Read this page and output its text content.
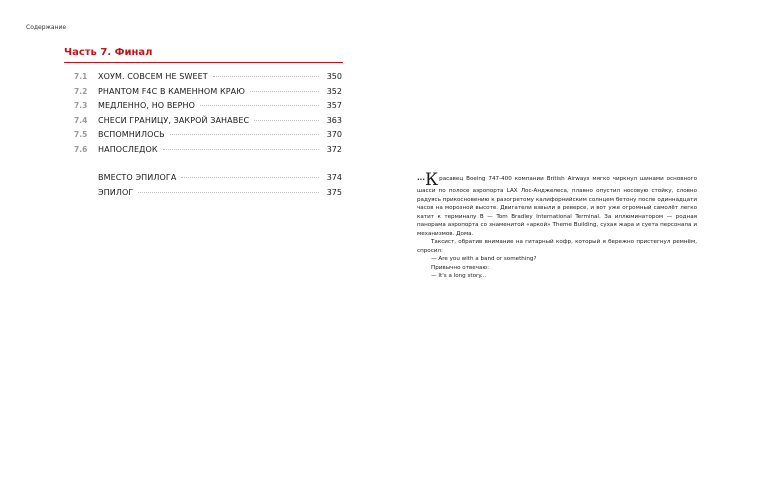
Содержание
Часть 7. Финал
7.1	ХОУМ. СОВСЕМ НЕ SWEET	350
7.2	PHANTOM F4C В КАМЕННОМ КРАЮ	352
7.3	МЕДЛЕННО, НО ВЕРНО	357
7.4	СНЕСИ ГРАНИЦУ, ЗАКРОЙ ЗАНАВЕС	363
7.5	ВСПОМНИЛОСЬ	370
7.6	НАПОСЛЕДОК	372
ВМЕСТО ЭПИЛОГА	374
ЭПИЛОГ	375

...Красавец Boeing 747-400 компании British Airways мягко чиркнул шинами основного шасси по полосе аэропорта LAX Лос-Анджелеса, плавно опустил носовую стойку, словно радуясь прикосновению к разогретому калифорнийским солнцем бетону после одиннадцати часов на морозной высоте. Двигатели взвыли в реверсе, и вот уже огромный самолёт легко катит к терминалу B — Tom Bradley International Terminal. За иллюминатором — родная панорама аэропорта со знаменитой «аркой» Theme Building, сухая жара и суета персонала и механизмов. Дома.

Таксист, обратив внимание на гитарный кофр, который я бережно пристегнул ремнём, спросил:

— Are you with a band or something?

Привычно отвечаю:

— It's a long story...
